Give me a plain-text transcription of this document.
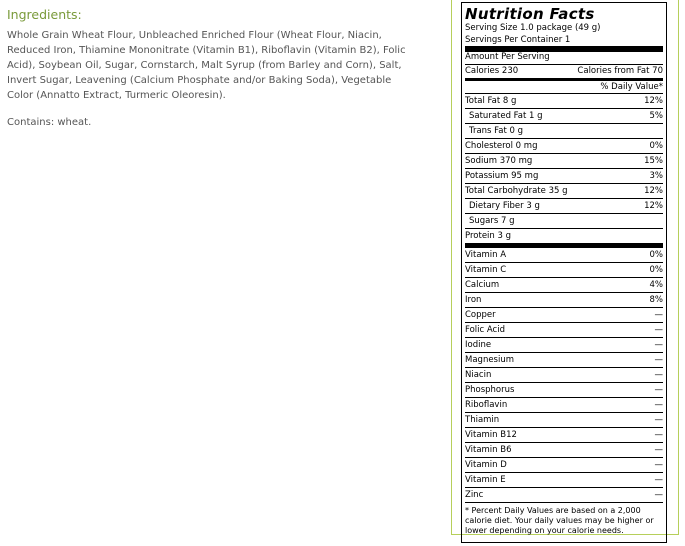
Ingredients:
Whole Grain Wheat Flour, Unbleached Enriched Flour (Wheat Flour, Niacin,
Reduced Iron, Thiamine Mononitrate (Vitamin B1), Riboflavin (Vitamin B2), Folic
Acid), Soybean Oil, Sugar, Cornstarch, Malt Syrup (from Barley and Corn), Salt,
Invert Sugar, Leavening (Calcium Phosphate and/or Baking Soda), Vegetable
Color (Annatto Extract, Turmeric Oleoresin).
Contains: wheat.
Nutrition Facts
Serving Size 1.0 package (49 g)
Servings Per Container 1
Amount Per Serving
Calories 230	Calories from Fat 70
% Daily Value*
Total Fat 8 g	12%
Saturated Fat 1 g	5%
Trans Fat 0 g
Cholesterol 0 mg	0%
Sodium 370 mg	15%
Potassium 95 mg	3%
Total Carbohydrate 35 g	12%
Dietary Fiber 3 g	12%
Sugars 7 g
Protein 3 g
Vitamin A	0%
Vitamin C	0%
Calcium	4%
Iron	8%
Copper	—
Folic Acid	—
Iodine	—
Magnesium	—
Niacin	—
Phosphorus	—
Riboflavin	—
Thiamin	—
Vitamin B12	—
Vitamin B6	—
Vitamin D	—
Vitamin E	—
Zinc	—
* Percent Daily Values are based on a 2,000 calorie diet. Your daily values may be higher or lower depending on your calorie needs.
